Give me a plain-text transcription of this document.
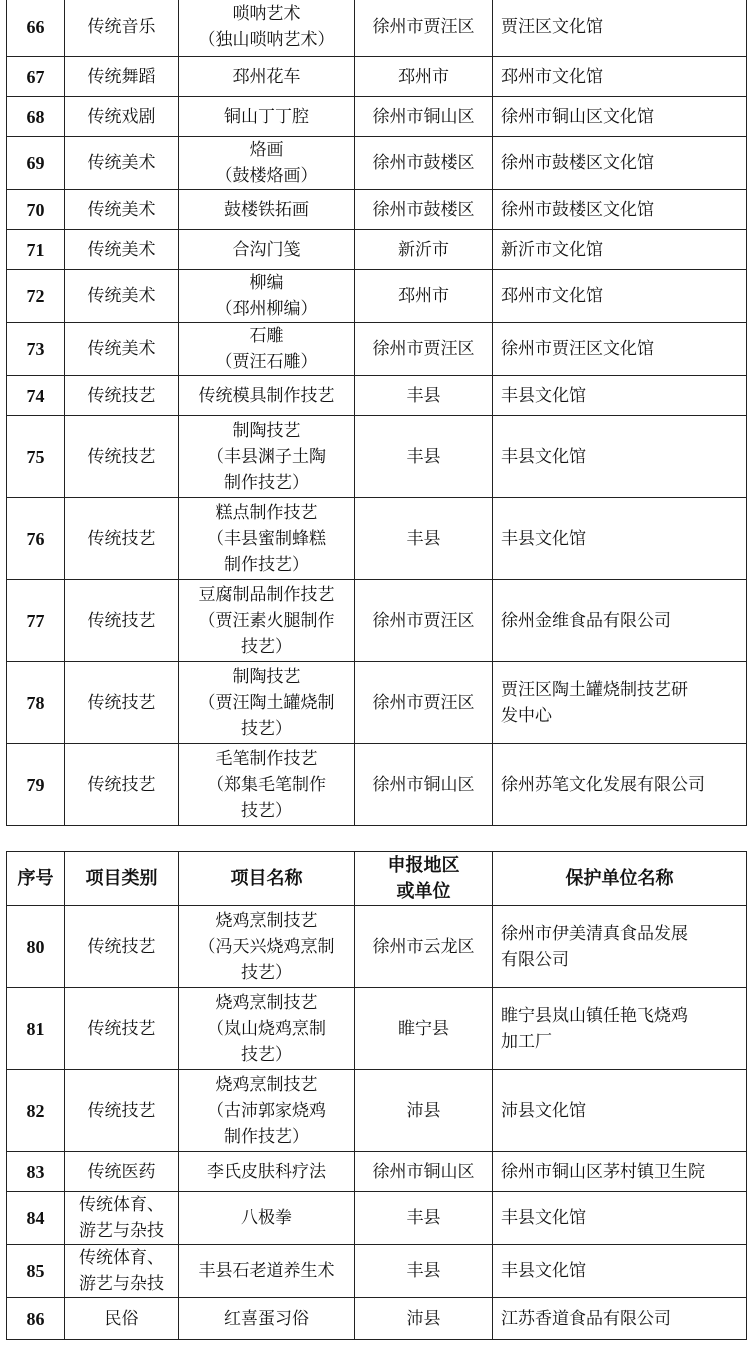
66	传统音乐	唢呐艺术
（独山唢呐艺术）	徐州市贾汪区	贾汪区文化馆

67	传统舞蹈	邳州花车	邳州市	邳州市文化馆

68	传统戏剧	铜山丁丁腔	徐州市铜山区	徐州市铜山区文化馆

69	传统美术	烙画
（鼓楼烙画）	徐州市鼓楼区	徐州市鼓楼区文化馆

70	传统美术	鼓楼铁拓画	徐州市鼓楼区	徐州市鼓楼区文化馆

71	传统美术	合沟门笺	新沂市	新沂市文化馆

72	传统美术	柳编
（邳州柳编）	邳州市	邳州市文化馆

73	传统美术	石雕
（贾汪石雕）	徐州市贾汪区	徐州市贾汪区文化馆

74	传统技艺	传统模具制作技艺	丰县	丰县文化馆

75	传统技艺	制陶技艺
（丰县渊子土陶
制作技艺）	丰县	丰县文化馆

76	传统技艺	糕点制作技艺
（丰县蜜制蜂糕
制作技艺）	丰县	丰县文化馆

77	传统技艺	豆腐制品制作技艺
（贾汪素火腿制作
技艺）	徐州市贾汪区	徐州金维食品有限公司

78	传统技艺	制陶技艺
（贾汪陶土罐烧制
技艺）	徐州市贾汪区	贾汪区陶土罐烧制技艺研
发中心

79	传统技艺	毛笔制作技艺
（郑集毛笔制作
技艺）	徐州市铜山区	徐州苏笔文化发展有限公司
序号	项目类别	项目名称	申报地区
或单位	保护单位名称
80	传统技艺	烧鸡烹制技艺
（冯天兴烧鸡烹制
技艺）	徐州市云龙区	徐州市伊美清真食品发展
有限公司

81	传统技艺	烧鸡烹制技艺
（岚山烧鸡烹制
技艺）	睢宁县	睢宁县岚山镇任艳飞烧鸡
加工厂

82	传统技艺	烧鸡烹制技艺
（古沛郭家烧鸡
制作技艺）	沛县	沛县文化馆

83	传统医药	李氏皮肤科疗法	徐州市铜山区	徐州市铜山区茅村镇卫生院

84	传统体育、
游艺与杂技	八极拳	丰县	丰县文化馆

85	传统体育、
游艺与杂技	丰县石老道养生术	丰县	丰县文化馆

86	民俗	红喜蛋习俗	沛县	江苏香道食品有限公司
